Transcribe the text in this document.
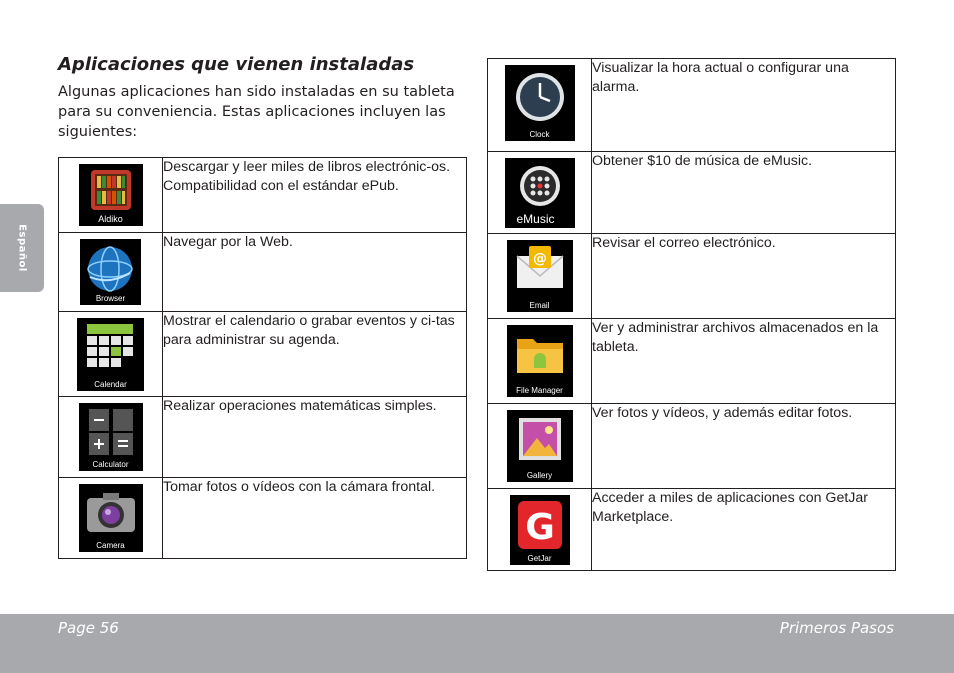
Español
Aplicaciones que vienen instaladas

Algunas aplicaciones han sido instaladas en su tableta para su conveniencia. Estas aplicaciones incluyen las siguientes:

Aldiko	Descargar y leer miles de libros electrónic-os. Compatibilidad con el estándar ePub.

Browser	Navegar por la Web.

Calendar	Mostrar el calendario o grabar eventos y ci-tas para administrar su agenda.

Calculator	Realizar operaciones matemáticas simples.

Camera	Tomar fotos o vídeos con la cámara frontal.
Clock	Visualizar la hora actual o configurar una alarma.

eMusic	Obtener $10 de música de eMusic.

@
Email	Revisar el correo electrónico.

File Manager	Ver y administrar archivos almacenados en la tableta.

Gallery	Ver fotos y vídeos, y además editar fotos.

G
GetJar	Acceder a miles de aplicaciones con GetJar Marketplace.
Page 56	Primeros Pasos
